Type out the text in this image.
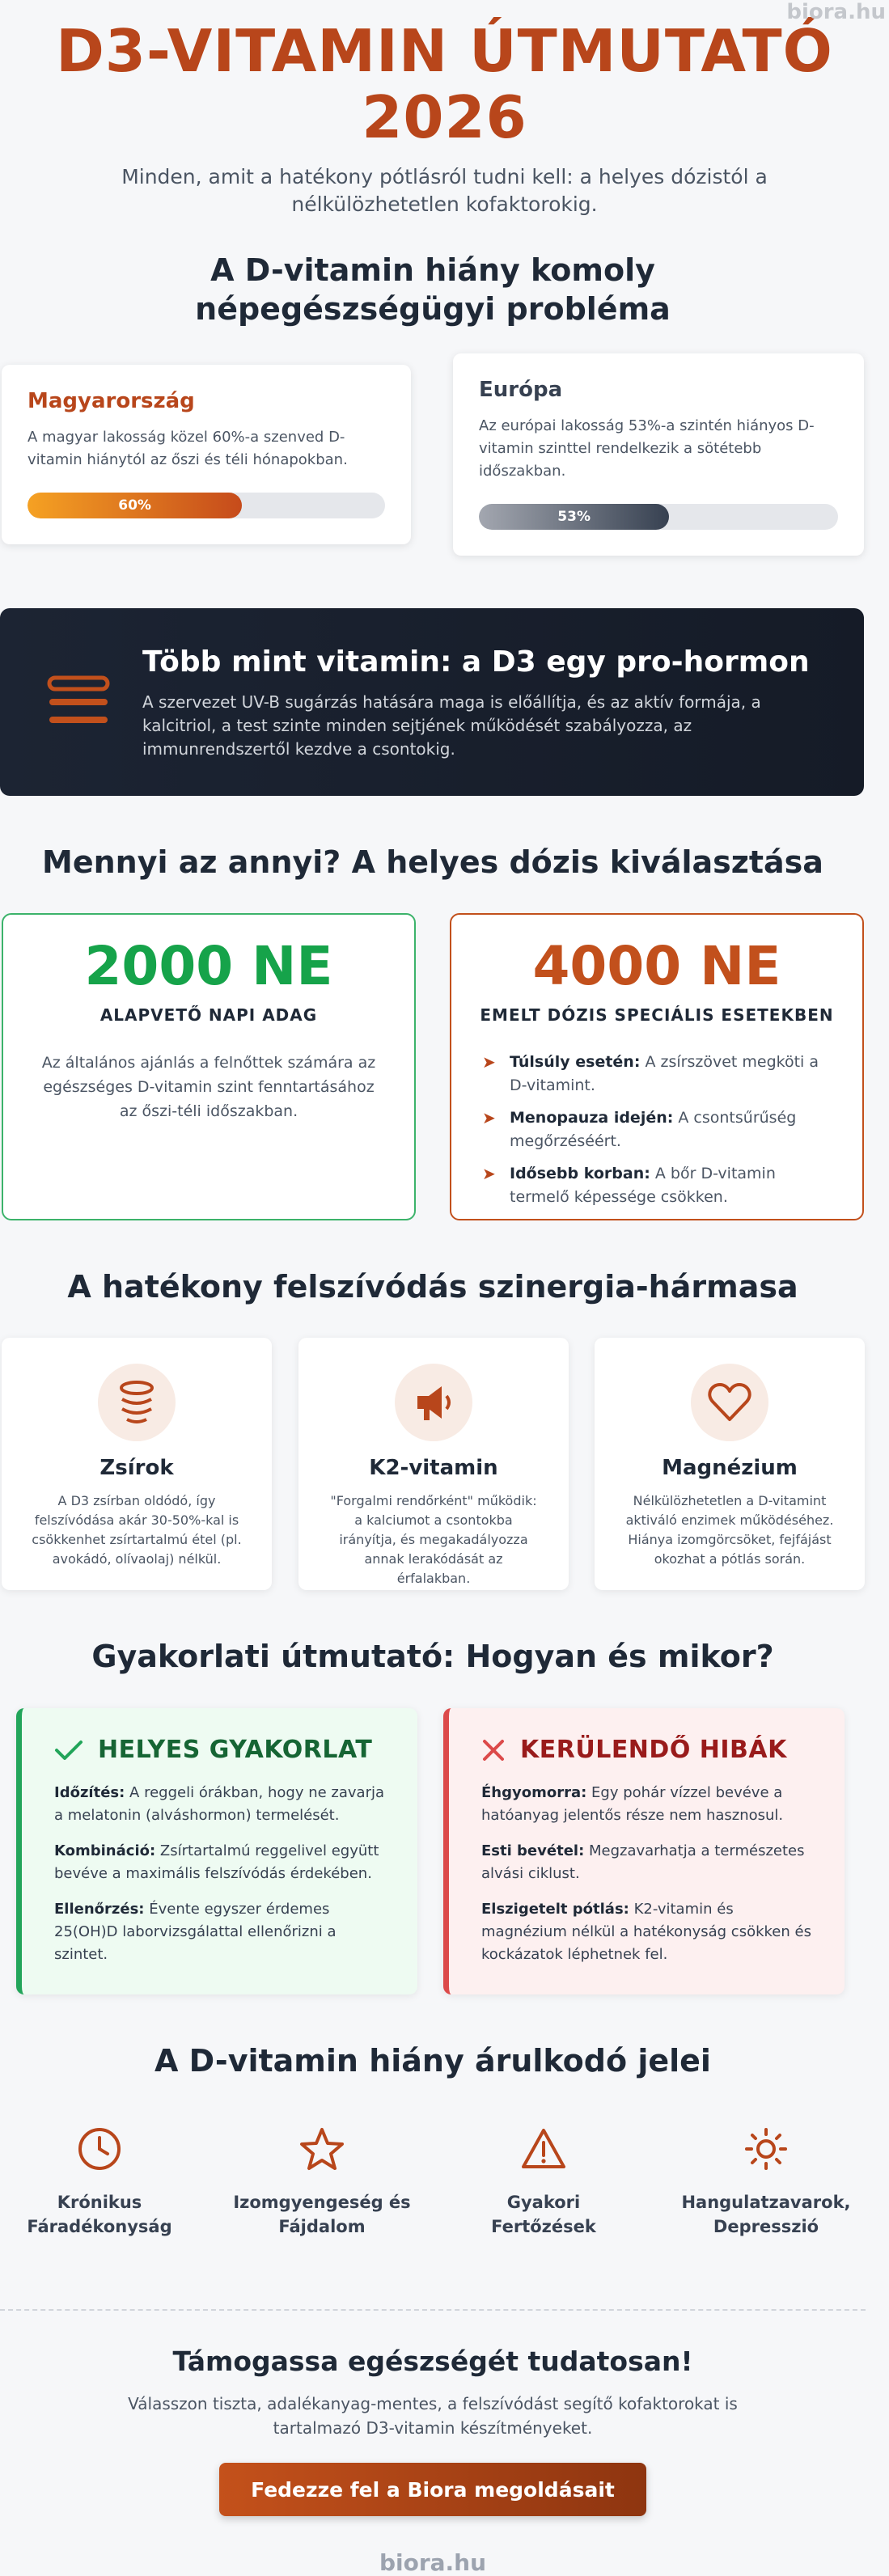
biora.hu
D3-VITAMIN ÚTMUTATÓ
2026

Minden, amit a hatékony pótlásról tudni kell: a helyes dózistól a nélkülözhetetlen kofaktorokig.

A D-vitamin hiány komoly népegészségügyi probléma
Magyarország

A magyar lakosság közel 60%-a szenved D-vitamin hiánytól az őszi és téli hónapokban.

60%
Európa

Az európai lakosság 53%-a szintén hiányos D-vitamin szinttel rendelkezik a sötétebb időszakban.

53%
Több mint vitamin: a D3 egy pro-hormon

A szervezet UV-B sugárzás hatására maga is előállítja, és az aktív formája, a kalcitriol, a test szinte minden sejtjének működését szabályozza, az immunrendszertől kezdve a csontokig.

Mennyi az annyi? A helyes dózis kiválasztása
2000 NE
ALAPVETŐ NAPI ADAG
Az általános ajánlás a felnőttek számára az egészséges D-vitamin szint fenntartásához az őszi-téli időszakban.
4000 NE
EMELT DÓZIS SPECIÁLIS ESETEKBEN
➤ Túlsúly esetén: A zsírszövet megköti a D-vitamint.
➤ Menopauza idején: A csontsűrűség megőrzéséért.
➤ Idősebb korban: A bőr D-vitamin termelő képessége csökken.
A hatékony felszívódás szinergia-hármasa
Zsírok

A D3 zsírban oldódó, így felszívódása akár 30-50%-kal is csökkenhet zsírtartalmú étel (pl. avokádó, olívaolaj) nélkül.

K2-vitamin

"Forgalmi rendőrként" működik: a kalciumot a csontokba irányítja, és megakadályozza annak lerakódását az érfalakban.

Magnézium

Nélkülözhetetlen a D-vitamint aktiváló enzimek működéséhez. Hiánya izomgörcsöket, fejfájást okozhat a pótlás során.

Gyakorlati útmutató: Hogyan és mikor?
HELYES GYAKORLAT

Időzítés: A reggeli órákban, hogy ne zavarja a melatonin (alváshormon) termelését.

Kombináció: Zsírtartalmú reggelivel együtt bevéve a maximális felszívódás érdekében.

Ellenőrzés: Évente egyszer érdemes 25(OH)D laborvizsgálattal ellenőrizni a szintet.

KERÜLENDŐ HIBÁK

Éhgyomorra: Egy pohár vízzel bevéve a hatóanyag jelentős része nem hasznosul.

Esti bevétel: Megzavarhatja a természetes alvási ciklust.

Elszigetelt pótlás: K2-vitamin és magnézium nélkül a hatékonyság csökken és kockázatok léphetnek fel.

A D-vitamin hiány árulkodó jelei
Krónikus
Fáradékonyság
Izomgyengeség és
Fájdalom
Gyakori
Fertőzések
Hangulatzavarok,
Depresszió
Támogassa egészségét tudatosan!

Válasszon tiszta, adalékanyag-mentes, a felszívódást segítő kofaktorokat is tartalmazó D3-vitamin készítményeket.

Fedezze fel a Biora megoldásait
biora.hu
